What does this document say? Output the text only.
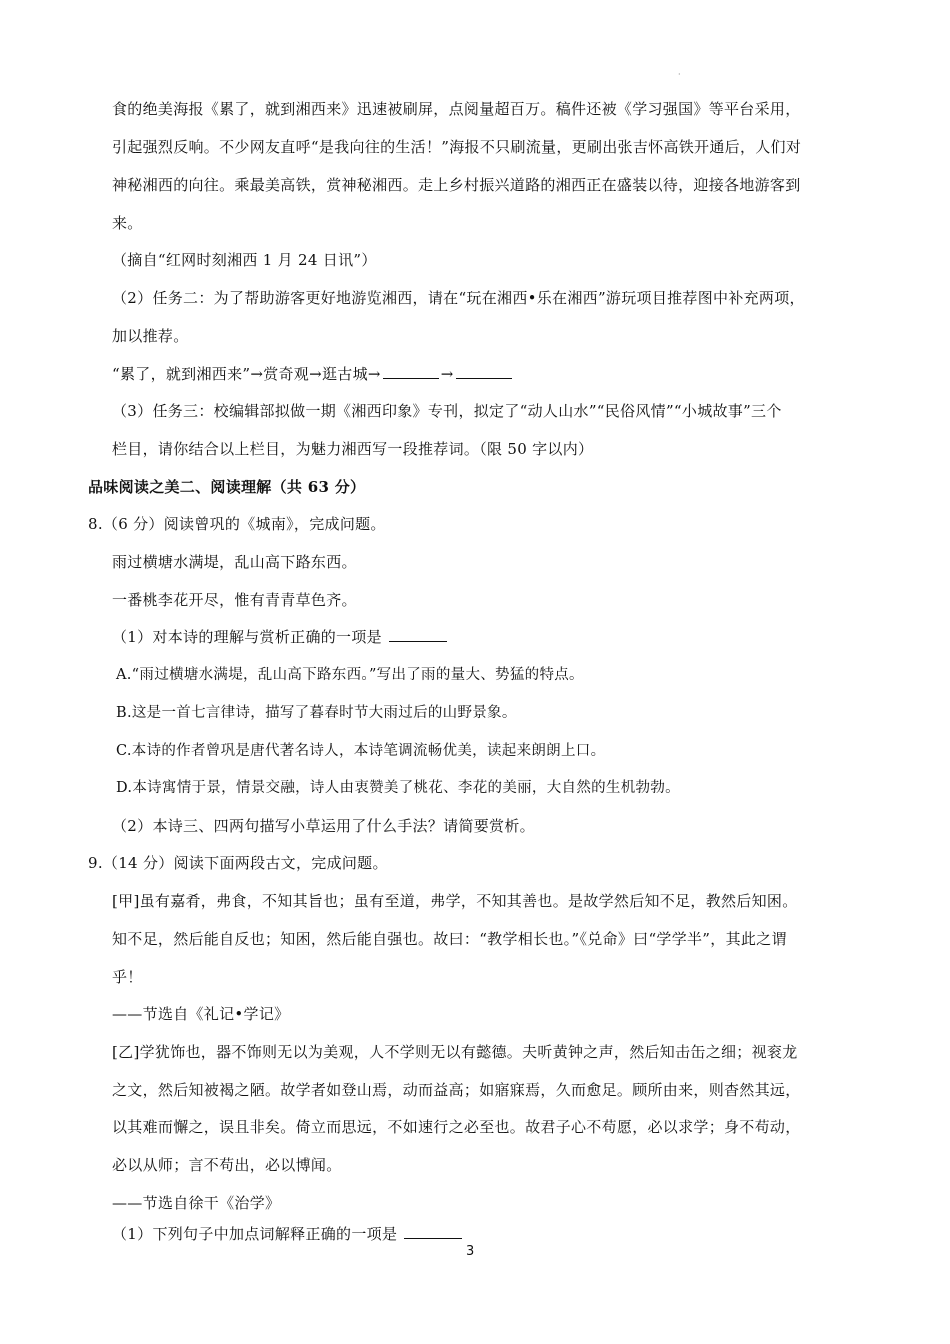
·
食的绝美海报《累了，就到湘西来》迅速被刷屏，点阅量超百万。稿件还被《学习强国》等平台采用，
引起强烈反响。不少网友直呼“是我向往的生活！”海报不只刷流量，更刷出张吉怀高铁开通后，人们对
神秘湘西的向往。乘最美高铁，赏神秘湘西。走上乡村振兴道路的湘西正在盛装以待，迎接各地游客到
来。
（摘自“红网时刻湘西 1 月 24 日讯”）
（2）任务二：为了帮助游客更好地游览湘西，请在“玩在湘西•乐在湘西”游玩项目推荐图中补充两项，
加以推荐。
“累了，就到湘西来”→赏奇观→逛古城→	→
（3）任务三：校编辑部拟做一期《湘西印象》专刊，拟定了“动人山水”“民俗风情”“小城故事”三个
栏目，请你结合以上栏目，为魅力湘西写一段推荐词。（限 50 字以内）
品味阅读之美二、阅读理解（共 63 分）
8.（6 分）阅读曾巩的《城南》，完成问题。
雨过横塘水满堤，乱山高下路东西。
一番桃李花开尽，惟有青青草色齐。
（1）对本诗的理解与赏析正确的一项是
A.“雨过横塘水满堤，乱山高下路东西。”写出了雨的量大、势猛的特点。
B.这是一首七言律诗，描写了暮春时节大雨过后的山野景象。
C.本诗的作者曾巩是唐代著名诗人，本诗笔调流畅优美，读起来朗朗上口。
D.本诗寓情于景，情景交融，诗人由衷赞美了桃花、李花的美丽，大自然的生机勃勃。
（2）本诗三、四两句描写小草运用了什么手法？请简要赏析。
9.（14 分）阅读下面两段古文，完成问题。
[甲]虽有嘉肴，弗食，不知其旨也；虽有至道，弗学，不知其善也。是故学然后知不足，教然后知困。
知不足，然后能自反也；知困，然后能自强也。故曰：“教学相长也。”《兑命》曰“学学半”，其此之谓
乎！
——节选自《礼记•学记》
[乙]学犹饰也，器不饰则无以为美观，人不学则无以有懿德。夫听黄钟之声，然后知击缶之细；视衮龙
之文，然后知被褐之陋。故学者如登山焉，动而益高；如寤寐焉，久而愈足。顾所由来，则杳然其远，
以其难而懈之，误且非矣。倚立而思远，不如速行之必至也。故君子心不苟愿，必以求学；身不苟动，
必以从师；言不苟出，必以博闻。
——节选自徐干《治学》
（1）下列句子中加点词解释正确的一项是
3
